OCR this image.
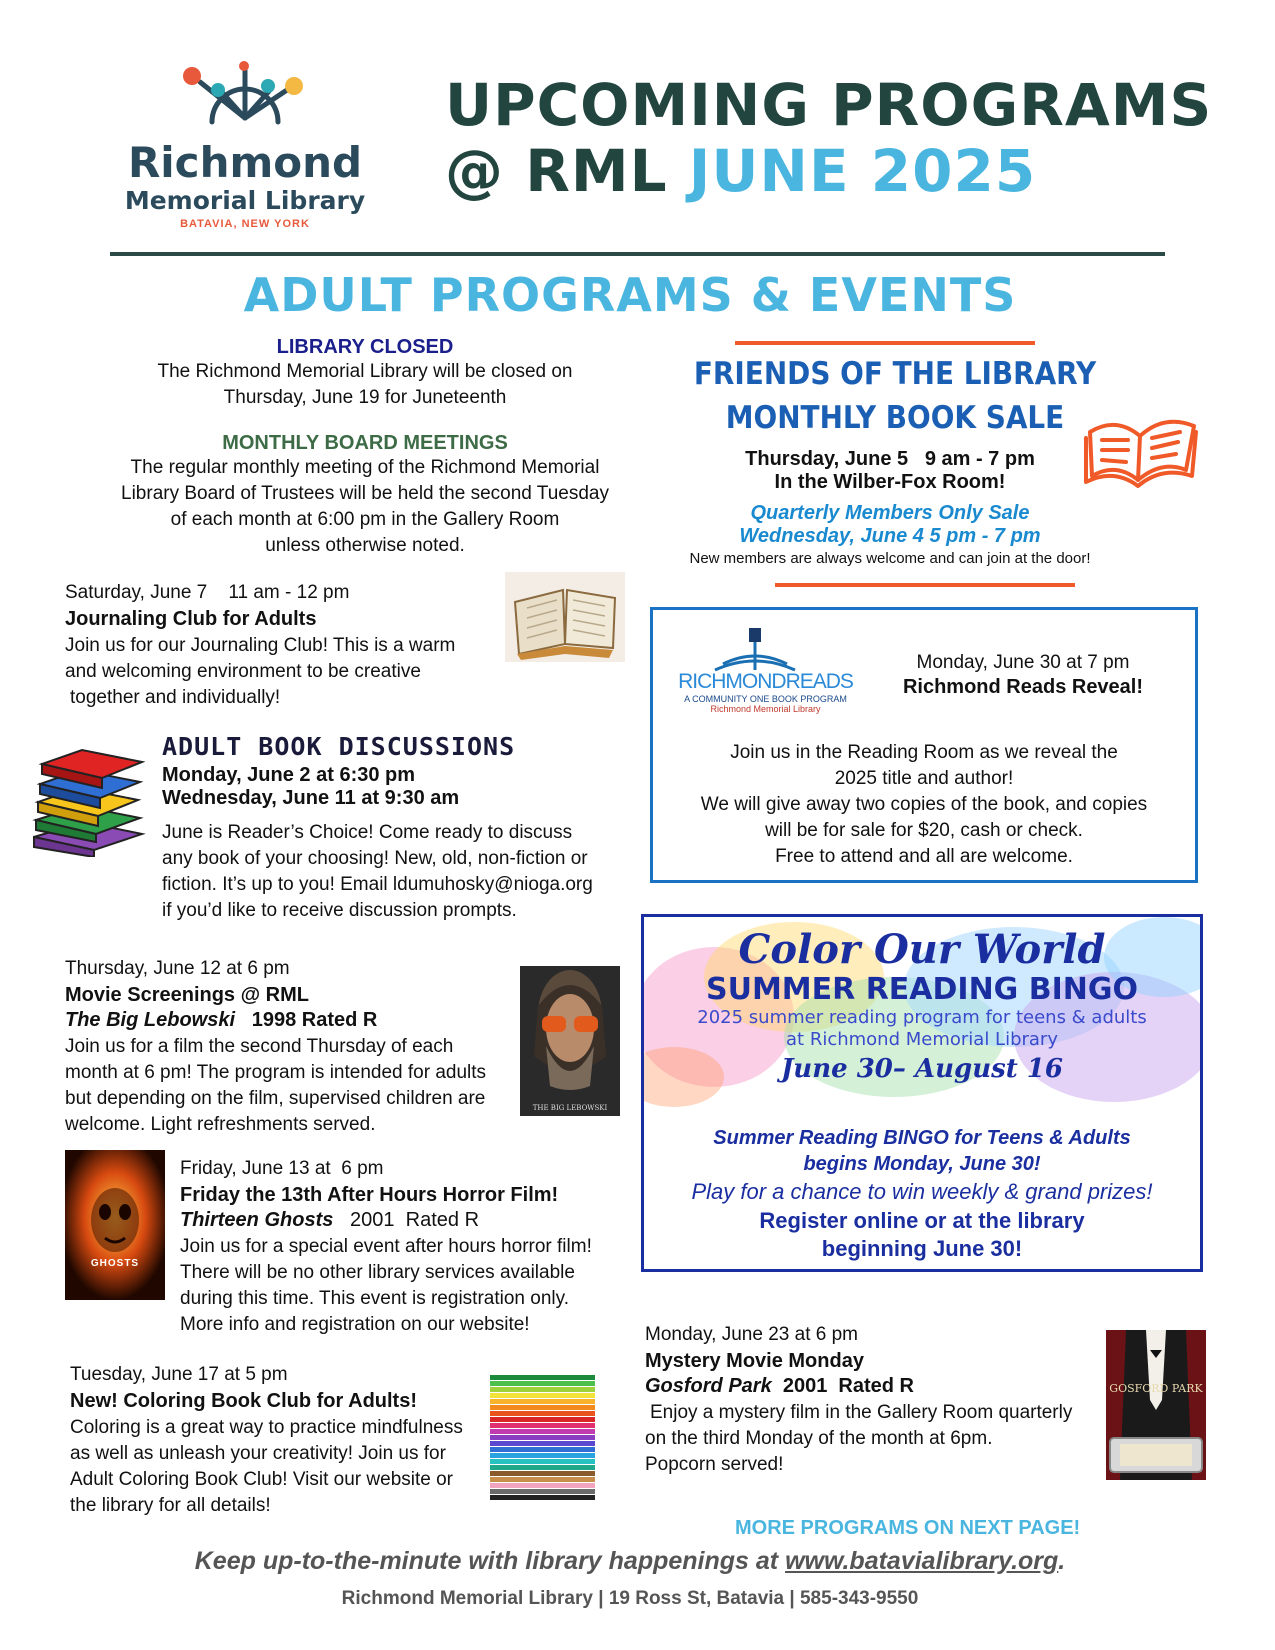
Richmond
Memorial Library
BATAVIA, NEW YORK
UPCOMING PROGRAMS
@ RML JUNE 2025
ADULT PROGRAMS & EVENTS
LIBRARY CLOSED
The Richmond Memorial Library will be closed on
Thursday, June 19 for Juneteenth
MONTHLY BOARD MEETINGS
The regular monthly meeting of the Richmond Memorial
Library Board of Trustees will be held the second Tuesday
of each month at 6:00 pm in the Gallery Room
unless otherwise noted.
Saturday, June 7    11 am - 12 pm
Journaling Club for Adults
Join us for our Journaling Club! This is a warm
and welcoming environment to be creative
together and individually!
ADULT BOOK DISCUSSIONS
Monday, June 2 at 6:30 pm
Wednesday, June 11 at 9:30 am
June is Reader’s Choice! Come ready to discuss
any book of your choosing! New, old, non-fiction or
fiction. It’s up to you! Email ldumuhosky@nioga.org
if you’d like to receive discussion prompts.
Thursday, June 12 at 6 pm
Movie Screenings @ RML
The Big Lebowski 1998 Rated R
Join us for a film the second Thursday of each
month at 6 pm! The program is intended for adults
but depending on the film, supervised children are
welcome. Light refreshments served.
THE BIG LEBOWSKI
GHOSTS
Friday, June 13 at  6 pm
Friday the 13th After Hours Horror Film!
Thirteen Ghosts 2001  Rated R
Join us for a special event after hours horror film!
There will be no other library services available
during this time. This event is registration only.
More info and registration on our website!
Tuesday, June 17 at 5 pm
New! Coloring Book Club for Adults!
Coloring is a great way to practice mindfulness
as well as unleash your creativity! Join us for
Adult Coloring Book Club! Visit our website or
the library for all details!
FRIENDS OF THE LIBRARY
MONTHLY BOOK SALE
Thursday, June 5   9 am - 7 pm
In the Wilber-Fox Room!
Quarterly Members Only Sale
Wednesday, June 4 5 pm - 7 pm
New members are always welcome and can join at the door!
RICHMONDREADS
A COMMUNITY ONE BOOK PROGRAM
Richmond Memorial Library
Monday, June 30 at 7 pm
Richmond Reads Reveal!
Join us in the Reading Room as we reveal the
2025 title and author!
We will give away two copies of the book, and copies
will be for sale for $20, cash or check.
Free to attend and all are welcome.
Color Our World
SUMMER READING BINGO
2025 summer reading program for teens & adults
at Richmond Memorial Library
June 30– August 16
Summer Reading BINGO for Teens & Adults
begins Monday, June 30!
Play for a chance to win weekly & grand prizes!
Register online or at the library
beginning June 30!
Monday, June 23 at 6 pm
Mystery Movie Monday
Gosford Park 2001  Rated R
Enjoy a mystery film in the Gallery Room quarterly
on the third Monday of the month at 6pm.
Popcorn served!
GOSFORD PARK
MORE PROGRAMS ON NEXT PAGE!
Keep up-to-the-minute with library happenings at www.batavialibrary.org.
Richmond Memorial Library | 19 Ross St, Batavia | 585-343-9550
